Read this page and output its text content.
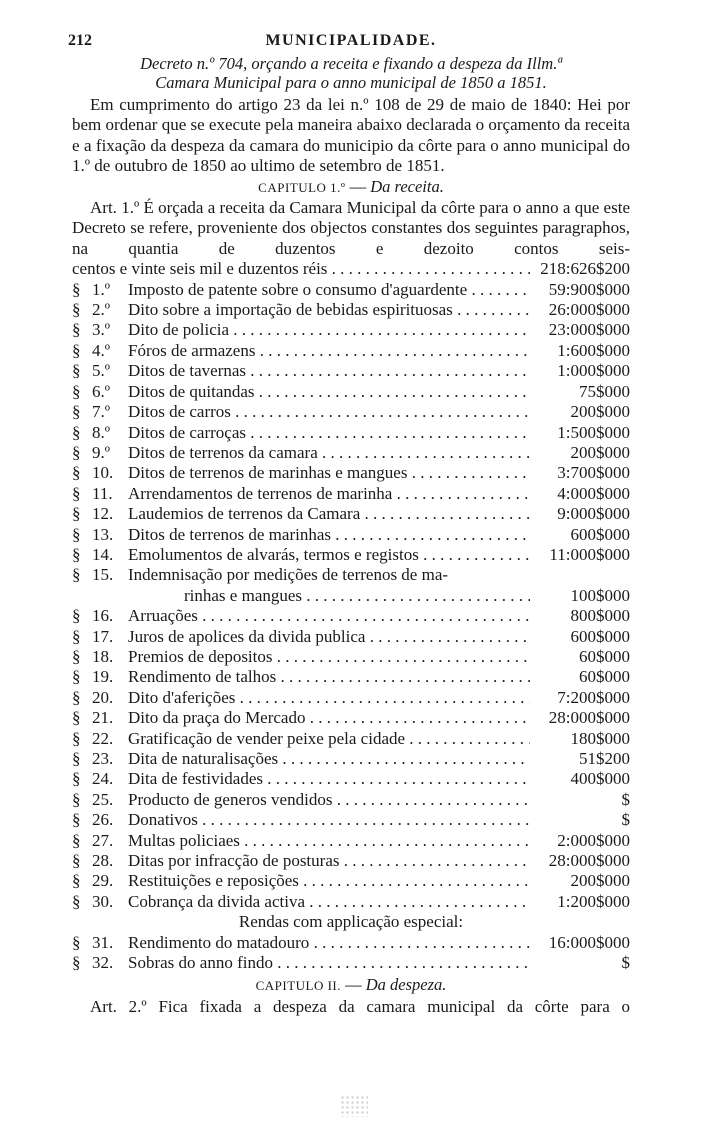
212	MUNICIPALIDADE.
Decreto n.º 704, orçando a receita e fixando a despeza da Illm.ª
Camara Municipal para o anno municipal de 1850 a 1851.
Em cumprimento do artigo 23 da lei n.º 108 de 29 de maio de 1840: Hei por bem ordenar que se execute pela maneira abaixo declarada o orçamento da receita e a fixação da despeza da camara do municipio da côrte para o anno municipal do 1.º de outubro de 1850 ao ultimo de setembro de 1851.
CAPITULO 1.º — Da receita.
Art. 1.º É orçada a receita da Camara Municipal da côrte para o anno a que este Decreto se refere, proveniente dos objectos constantes dos seguintes paragraphos, na quantia de duzentos e dezoito contos seis-
centos e vinte seis mil e duzentos réis . . .	218:626$200
§ 1.º	Imposto de patente sobre o consumo d'aguardente . . .	59:900$000
§ 2.º	Dito sobre a importação de bebidas espirituosas . . .	26:000$000
§ 3.º	Dito de policia . . .	23:000$000
§ 4.º	Fóros de armazens . . .	1:600$000
§ 5.º	Ditos de tavernas . . .	1:000$000
§ 6.º	Ditos de quitandas . . .	75$000
§ 7.º	Ditos de carros . . .	200$000
§ 8.º	Ditos de carroças . . .	1:500$000
§ 9.º	Ditos de terrenos da camara . . .	200$000
§ 10. Ditos de terrenos de marinhas e mangues . . .	3:700$000
§ 11. Arrendamentos de terrenos de marinha . . .	4:000$000
§ 12. Laudemios de terrenos da Camara . . .	9:000$000
§ 13. Ditos de terrenos de marinhas . . .	600$000
§ 14. Emolumentos de alvarás, termos e registos . . .	11:000$000
§ 15. Indemnisação por medições de terrenos de ma-
rinhas e mangues . . .	100$000
§ 16. Arruações . . .	800$000
§ 17. Juros de apolices da divida publica . . .	600$000
§ 18. Premios de depositos . . .	60$000
§ 19. Rendimento de talhos . . .	60$000
§ 20. Dito d'aferições . . .	7:200$000
§ 21. Dito da praça do Mercado . . .	28:000$000
§ 22. Gratificação de vender peixe pela cidade . . .	180$000
§ 23. Dita de naturalisações . . .	51$200
§ 24. Dita de festividades . . .	400$000
§ 25. Producto de generos vendidos . . .	$
§ 26. Donativos . . .	$
§ 27. Multas policiaes . . .	2:000$000
§ 28. Ditas por infracção de posturas . . .	28:000$000
§ 29. Restituições e reposições . . .	200$000
§ 30. Cobrança da divida activa . . .	1:200$000
Rendas com applicação especial:
§ 31. Rendimento do matadouro . . .	16:000$000
§ 32. Sobras do anno findo . . .	$
CAPITULO II. — Da despeza.
Art. 2.º Fica fixada a despeza da camara municipal da côrte para o
